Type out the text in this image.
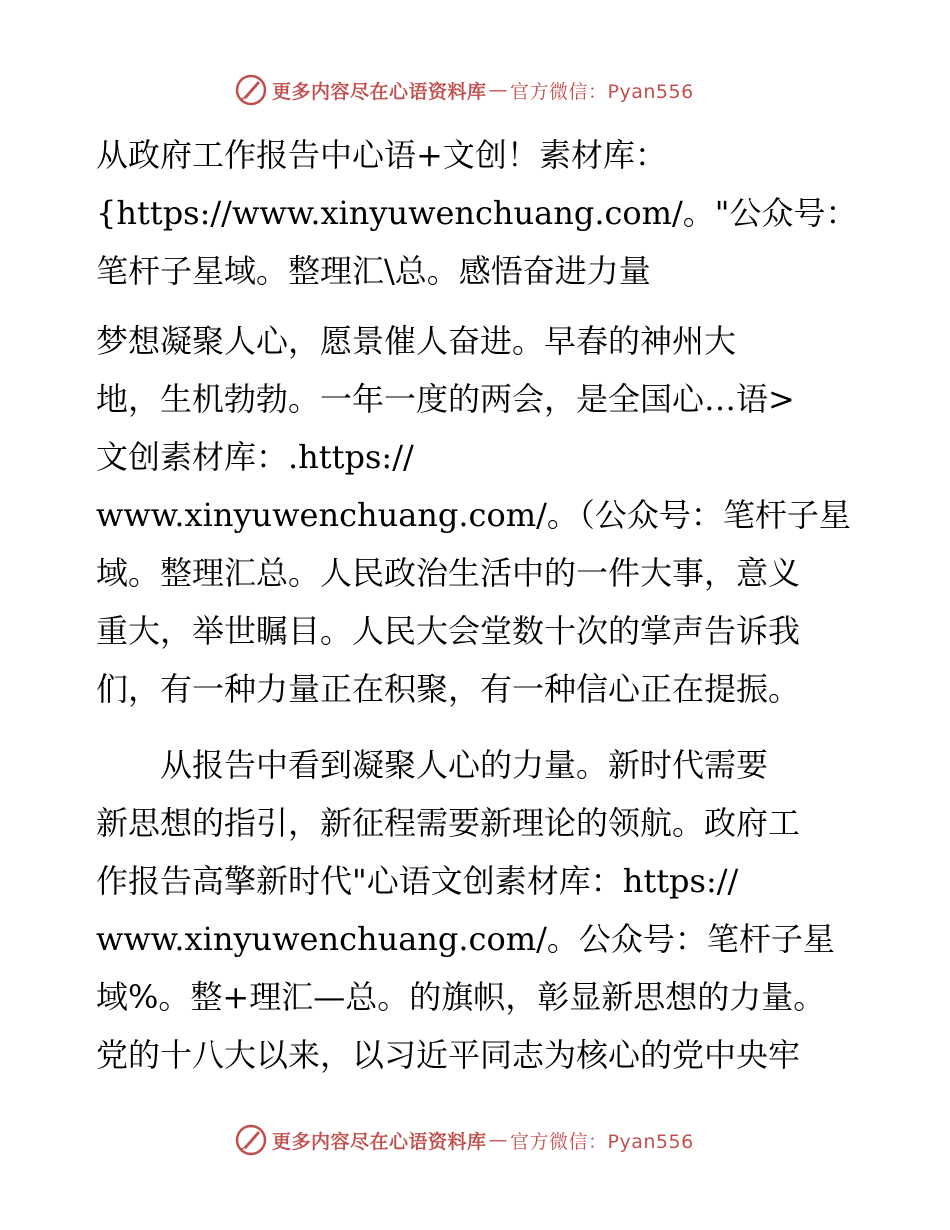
更多内容尽在心语资料库 — 官方微信：Pyan556
从政府工作报告中心语+文创！素材库：
{https://www.xinyuwenchuang.com/。"公众号：
笔杆子星域。整理汇\总。感悟奋进力量
梦想凝聚人心，愿景催人奋进。早春的神州大
地，生机勃勃。一年一度的两会，是全国心…语>
文创素材库：.https://
www.xinyuwenchuang.com/。（公众号：笔杆子星
域。整理汇总。人民政治生活中的一件大事，意义
重大，举世瞩目。人民大会堂数十次的掌声告诉我
们，有一种力量正在积聚，有一种信心正在提振。
　　从报告中看到凝聚人心的力量。新时代需要
新思想的指引，新征程需要新理论的领航。政府工
作报告高擎新时代"心语文创素材库：https://
www.xinyuwenchuang.com/。公众号：笔杆子星
域%。整+理汇—总。的旗帜，彰显新思想的力量。
党的十八大以来，以习近平同志为核心的党中央牢
更多内容尽在心语资料库 — 官方微信：Pyan556
